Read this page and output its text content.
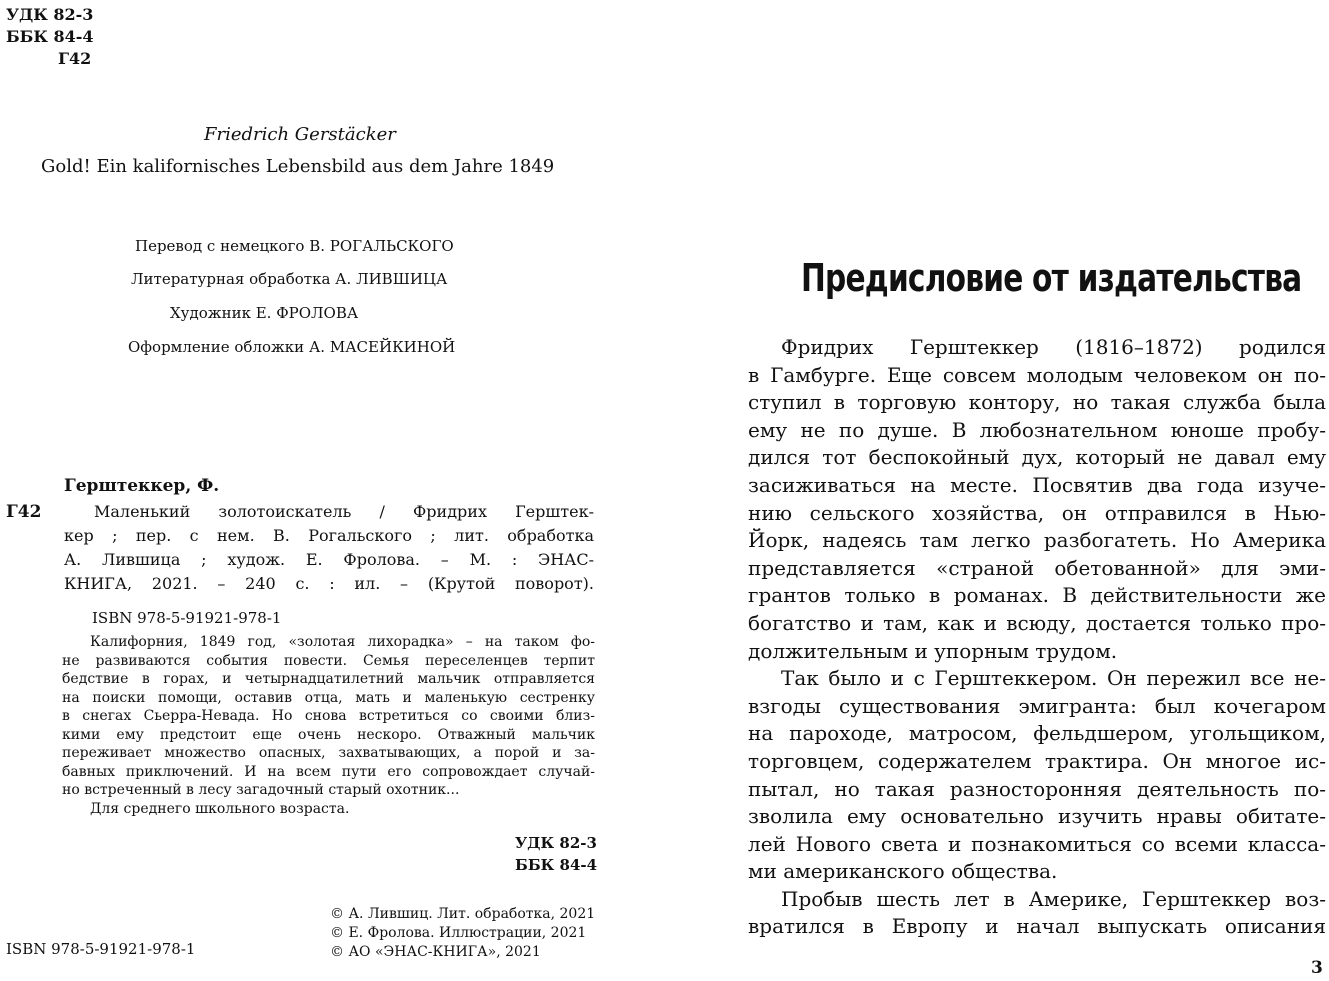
УДК 82-3
ББК 84-4
Г42
Friedrich Gerstäcker
Gold! Ein kalifornisches Lebensbild aus dem Jahre 1849
Перевод с немецкого В. РОГАЛЬСКОГО
Литературная обработка А. ЛИВШИЦА
Художник Е. ФРОЛОВА
Оформление обложки А. МАСЕЙКИНОЙ
Герштеккер, Ф.
Г42	Маленький золотоискатель / Фридрих Герштек-
кер ; пер. с нем. В. Рогальского ; лит. обработка
А. Лившица ; худож. Е. Фролова. – М. : ЭНАС-
КНИГА, 2021. – 240 с. : ил. – (Крутой поворот).
ISBN 978-5-91921-978-1
Калифорния, 1849 год, «золотая лихорадка» – на таком фо-
не развиваются события повести. Семья переселенцев терпит
бедствие в горах, и четырнадцатилетний мальчик отправляется
на поиски помощи, оставив отца, мать и маленькую сестренку
в снегах Сьерра-Невада. Но снова встретиться со своими близ-
кими ему предстоит еще очень нескоро. Отважный мальчик
переживает множество опасных, захватывающих, а порой и за-
бавных приключений. И на всем пути его сопровождает случай-
но встреченный в лесу загадочный старый охотник...
Для среднего школьного возраста.
УДК 82-3
ББК 84-4
© А. Лившиц. Лит. обработка, 2021
© Е. Фролова. Иллюстрации, 2021
© АО «ЭНАС-КНИГА», 2021
ISBN 978-5-91921-978-1
Предисловие от издательства
Фридрих Герштеккер (1816–1872) родился
в Гамбурге. Еще совсем молодым человеком он по-
ступил в торговую контору, но такая служба была
ему не по душе. В любознательном юноше пробу-
дился тот беспокойный дух, который не давал ему
засиживаться на месте. Посвятив два года изуче-
нию сельского хозяйства, он отправился в Нью-
Йорк, надеясь там легко разбогатеть. Но Америка
представляется «страной обетованной» для эми-
грантов только в романах. В действительности же
богатство и там, как и всюду, достается только про-
должительным и упорным трудом.
Так было и с Герштеккером. Он пережил все не-
взгоды существования эмигранта: был кочегаром
на пароходе, матросом, фельдшером, угольщиком,
торговцем, содержателем трактира. Он многое ис-
пытал, но такая разносторонняя деятельность по-
зволила ему основательно изучить нравы обитате-
лей Нового света и познакомиться со всеми класса-
ми американского общества.
Пробыв шесть лет в Америке, Герштеккер воз-
вратился в Европу и начал выпускать описания
3
